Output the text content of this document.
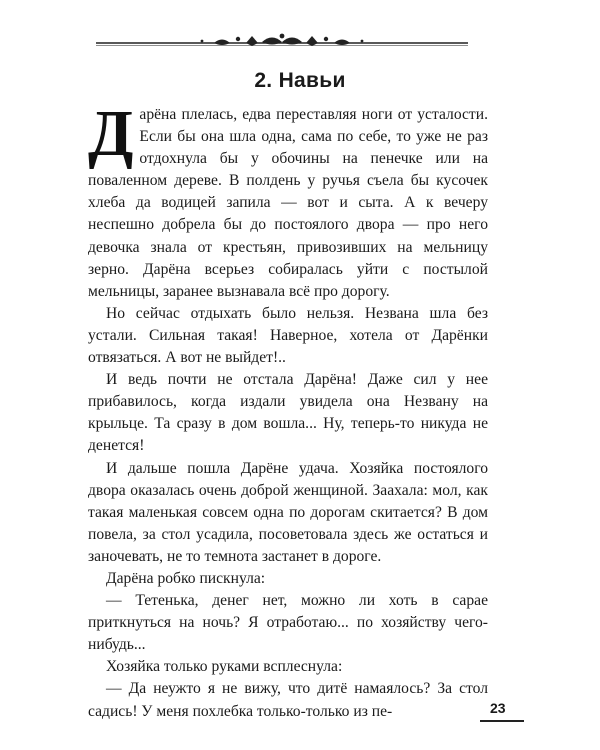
2. Навьи

Дарёна плелась, едва переставляя ноги от усталости. Если бы она шла одна, сама по себе, то уже не раз отдохнула бы у обочины на пенечке или на поваленном дереве. В полдень у ручья съела бы кусочек хлеба да водицей запила — вот и сыта. А к вечеру неспешно добрела бы до постоялого двора — про него девочка знала от крестьян, привозивших на мельницу зерно. Дарёна всерьез собиралась уйти с постылой мельницы, заранее вызнавала всё про дорогу.

Но сейчас отдыхать было нельзя. Незвана шла без устали. Сильная такая! Наверное, хотела от Дарёнки отвязаться. А вот не выйдет!..

И ведь почти не отстала Дарёна! Даже сил у нее прибавилось, когда издали увидела она Незвану на крыльце. Та сразу в дом вошла... Ну, теперь-то никуда не денется!

И дальше пошла Дарёне удача. Хозяйка постоялого двора оказалась очень доброй женщиной. Заахала: мол, как такая маленькая совсем одна по дорогам скитается? В дом повела, за стол усадила, посоветовала здесь же остаться и заночевать, не то темнота застанет в дороге.

Дарёна робко пискнула:

— Тетенька, денег нет, можно ли хоть в сарае приткнуться на ночь? Я отработаю... по хозяйству чего-нибудь...

Хозяйка только руками всплеснула:

— Да неужто я не вижу, что дитё намаялось? За стол садись! У меня похлебка только-только из пе-	23
